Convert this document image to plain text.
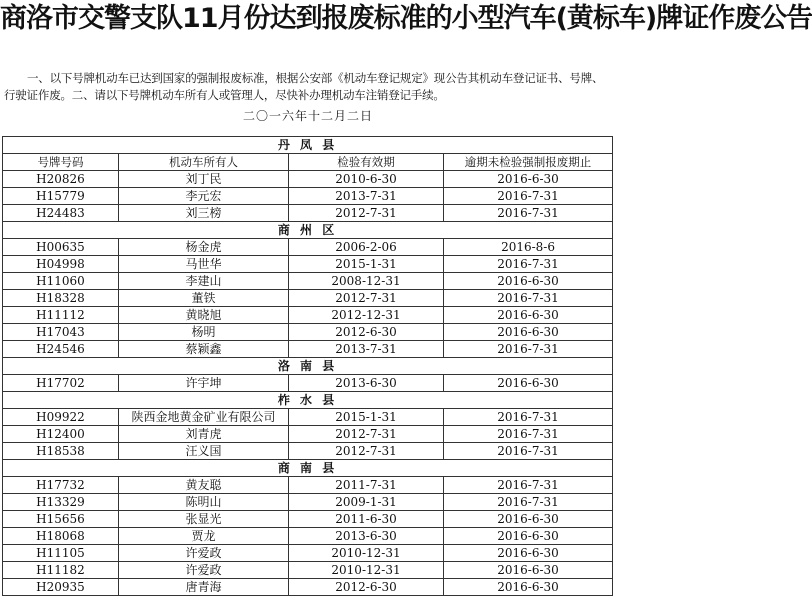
商洛市交警支队11月份达到报废标准的小型汽车(黄标车)牌证作废公告
一、以下号牌机动车已达到国家的强制报废标准，根据公安部《机动车登记规定》现公告其机动车登记证书、号牌、行驶证作废。二、请以下号牌机动车所有人或管理人，尽快补办理机动车注销登记手续。
二〇一六年十二月二日
丹 凤 县			
号牌号码	机动车所有人	检验有效期	逾期未检验强制报废期止
H20826	刘丁民	2010-6-30	2016-6-30
H15779	李元宏	2013-7-31	2016-7-31
H24483	刘三榜	2012-7-31	2016-7-31
商 州 区			
H00635	杨金虎	2006-2-06	2016-8-6
H04998	马世华	2015-1-31	2016-7-31
H11060	李建山	2008-12-31	2016-6-30
H18328	董铁	2012-7-31	2016-7-31
H11112	黄晓旭	2012-12-31	2016-6-30
H17043	杨明	2012-6-30	2016-6-30
H24546	蔡颖鑫	2013-7-31	2016-7-31
洛 南 县			
H17702	许宇坤	2013-6-30	2016-6-30
柞 水 县			
H09922	陕西金地黄金矿业有限公司	2015-1-31	2016-7-31
H12400	刘青虎	2012-7-31	2016-7-31
H18538	汪义国	2012-7-31	2016-7-31
商 南 县			
H17732	黄友聪	2011-7-31	2016-7-31
H13329	陈明山	2009-1-31	2016-7-31
H15656	张显光	2011-6-30	2016-6-30
H18068	贾龙	2013-6-30	2016-6-30
H11105	许爱政	2010-12-31	2016-6-30
H11182	许爱政	2010-12-31	2016-6-30
H20935	唐青海	2012-6-30	2016-6-30
